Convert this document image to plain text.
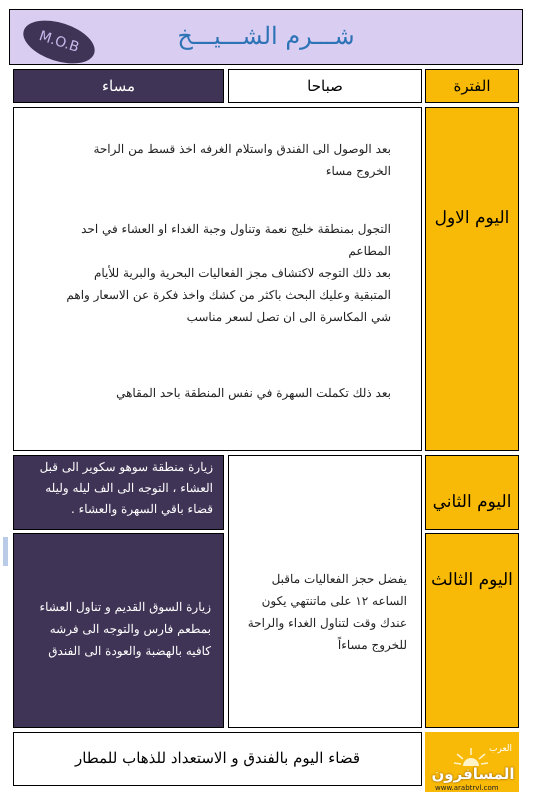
M.O.B	شـــرم الشـــيـــخ
الفترة
صباحا
مساء
اليوم الاول
بعد الوصول الى الفندق واستلام الغرفه اخذ قسط من الراحة الخروج مساء
التجول بمنطقة خليج نعمة وتناول وجبة الغداء او العشاء في احد المطاعم
بعد ذلك التوجه لاكتشاف مجز الفعاليات البحرية والبرية للأيام المتبقية وعليك البحث باكثر من كشك واخذ فكرة عن الاسعار واهم شي المكاسرة الى ان تصل لسعر مناسب
بعد ذلك تكملت السهرة في نفس المنطقة باحد المقاهي
اليوم الثاني
زيارة منطقة سوهو سكوير الى قبل العشاء ، التوجه الى الف ليله وليله قضاء باقي السهرة والعشاء .
يفضل حجز الفعاليات ماقبل الساعه ١٢ على ماتنتهي يكون عندك وقت لتناول الغداء والراحة للخروج مساءاً
اليوم الثالث
زيارة السوق القديم و تناول العشاء بمطعم فارس والتوجه الى فرشه كافيه بالهضبة والعودة الى الفندق
قضاء اليوم بالفندق و الاستعداد للذهاب للمطار	العرب
المسافرون
www.arabtrvl.com
